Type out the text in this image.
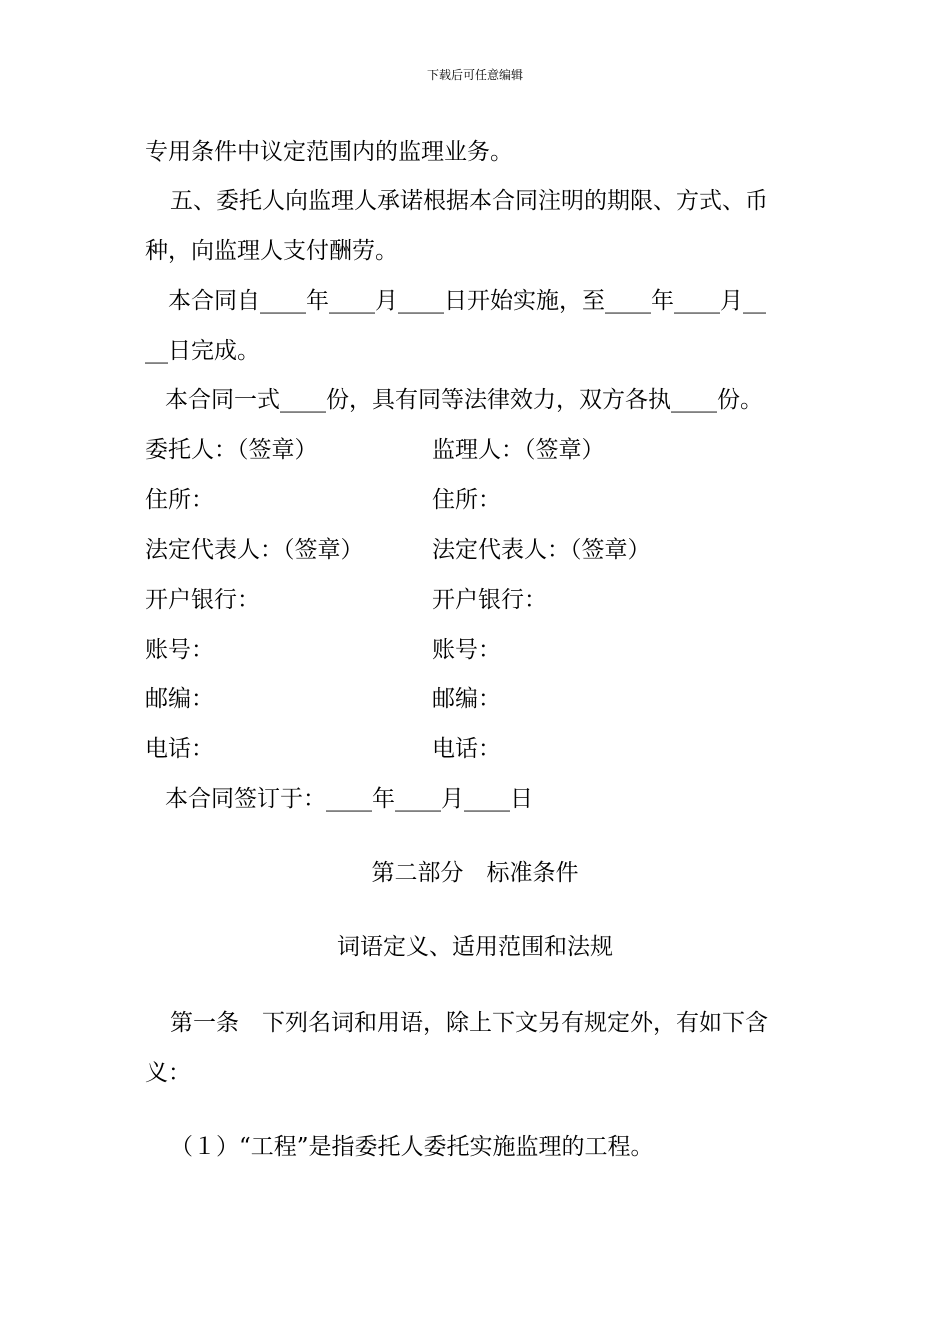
下载后可任意编辑
专用条件中议定范围内的监理业务。
五、委托人向监理人承诺根据本合同注明的期限、方式、币
种，向监理人支付酬劳。
本合同自____年____月____日开始实施，至____年____月__
__日完成。
本合同一式____份，具有同等法律效力，双方各执____份。
委托人：（签章）	监理人：（签章）
住所：	住所：
法定代表人：（签章）	法定代表人：（签章）
开户银行：	开户银行：
账号：	账号：
邮编：	邮编：
电话：	电话：
本合同签订于：____年____月____日
第二部分　标准条件
词语定义、适用范围和法规
第一条　下列名词和用语，除上下文另有规定外，有如下含
义：
（１）“工程”是指委托人委托实施监理的工程。
